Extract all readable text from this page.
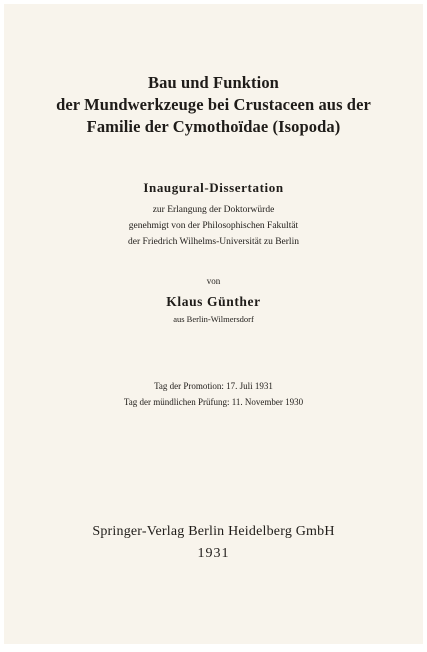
Bau und Funktion
der Mundwerkzeuge bei Crustaceen aus der
Familie der Cymothoïdae (Isopoda)
Inaugural-Dissertation
zur Erlangung der Doktorwürde
genehmigt von der Philosophischen Fakultät
der Friedrich Wilhelms-Universität zu Berlin
von
Klaus Günther
aus Berlin-Wilmersdorf
Tag der Promotion: 17. Juli 1931
Tag der mündlichen Prüfung: 11. November 1930
Springer-Verlag Berlin Heidelberg GmbH
1931
